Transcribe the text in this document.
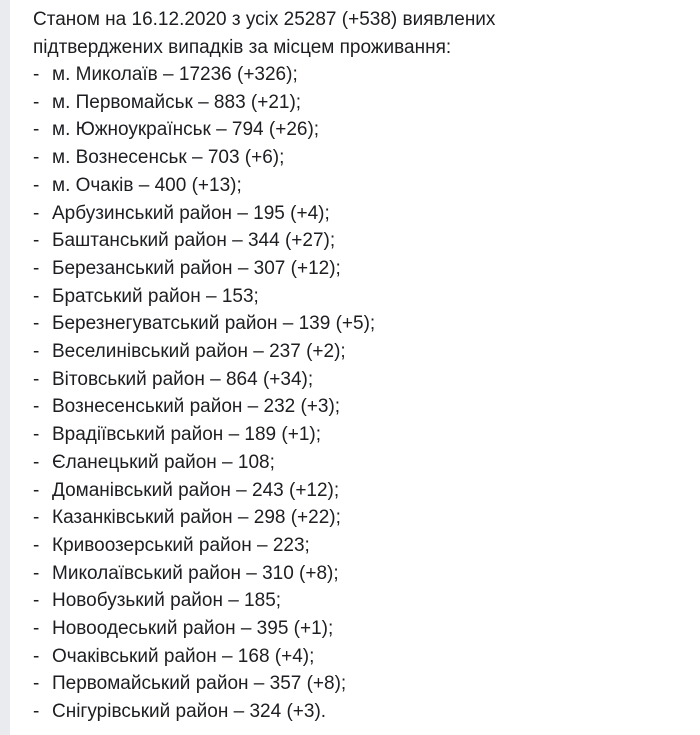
Станом на 16.12.2020 з усіх 25287 (+538) виявлених

підтверджених випадків за місцем проживання:

- м. Миколаїв – 17236 (+326);
- м. Первомайськ – 883 (+21);
- м. Южноукраїнськ – 794 (+26);
- м. Вознесенськ – 703 (+6);
- м. Очаків – 400 (+13);
- Арбузинський район – 195 (+4);
- Баштанський район – 344 (+27);
- Березанський район – 307 (+12);
- Братський район – 153;
- Березнегуватський район – 139 (+5);
- Веселинівський район – 237 (+2);
- Вітовський район – 864 (+34);
- Вознесенський район – 232 (+3);
- Врадіївський район – 189 (+1);
- Єланецький район – 108;
- Доманівський район – 243 (+12);
- Казанківський район – 298 (+22);
- Кривоозерський район – 223;
- Миколаївський район – 310 (+8);
- Новобузький район – 185;
- Новоодеський район – 395 (+1);
- Очаківський район – 168 (+4);
- Первомайський район – 357 (+8);
- Снігурівський район – 324 (+3).
